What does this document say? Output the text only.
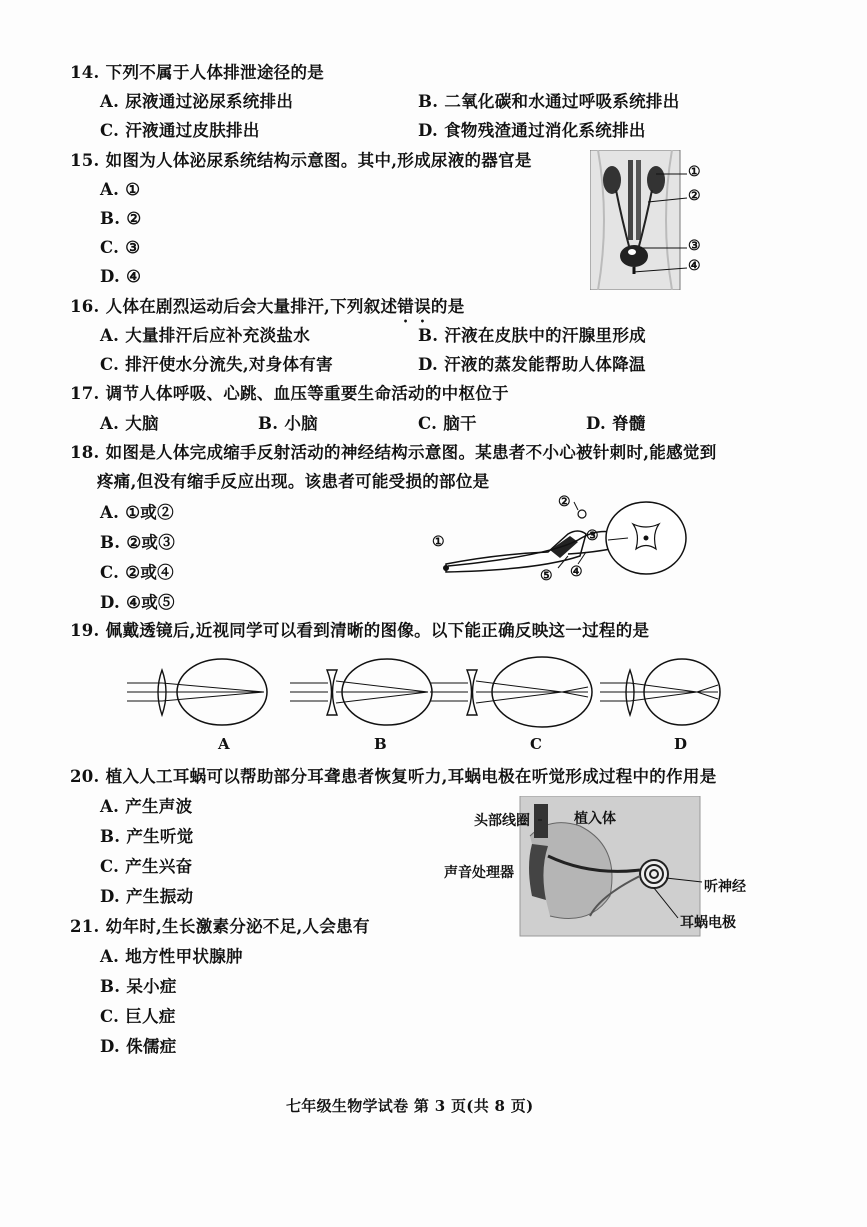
14. 下列不属于人体排泄途径的是
A. 尿液通过泌尿系统排出	B. 二氧化碳和水通过呼吸系统排出
C. 汗液通过皮肤排出	D. 食物残渣通过消化系统排出
15. 如图为人体泌尿系统结构示意图。其中,形成尿液的器官是
A. ①
B. ②
C. ③
D. ④
①
②
③
④
16. 人体在剧烈运动后会大量排汗,下列叙述错误的是
A. 大量排汗后应补充淡盐水	B. 汗液在皮肤中的汗腺里形成
C. 排汗使水分流失,对身体有害	D. 汗液的蒸发能帮助人体降温
17. 调节人体呼吸、心跳、血压等重要生命活动的中枢位于
A. 大脑	B. 小脑	C. 脑干	D. 脊髓
18. 如图是人体完成缩手反射活动的神经结构示意图。某患者不小心被针刺时,能感觉到
疼痛,但没有缩手反应出现。该患者可能受损的部位是
A. ①或②
B. ②或③
C. ②或④
D. ④或⑤
①
②
③
④
⑤
19. 佩戴透镜后,近视同学可以看到清晰的图像。以下能正确反映这一过程的是
A	B	C	D
20. 植入人工耳蜗可以帮助部分耳聋患者恢复听力,耳蜗电极在听觉形成过程中的作用是
A. 产生声波
B. 产生听觉
C. 产生兴奋
D. 产生振动
头部线圈	植入体
声音处理器
听神经
耳蜗电极
21. 幼年时,生长激素分泌不足,人会患有
A. 地方性甲状腺肿
B. 呆小症
C. 巨人症
D. 侏儒症
七年级生物学试卷 第 3 页(共 8 页)
